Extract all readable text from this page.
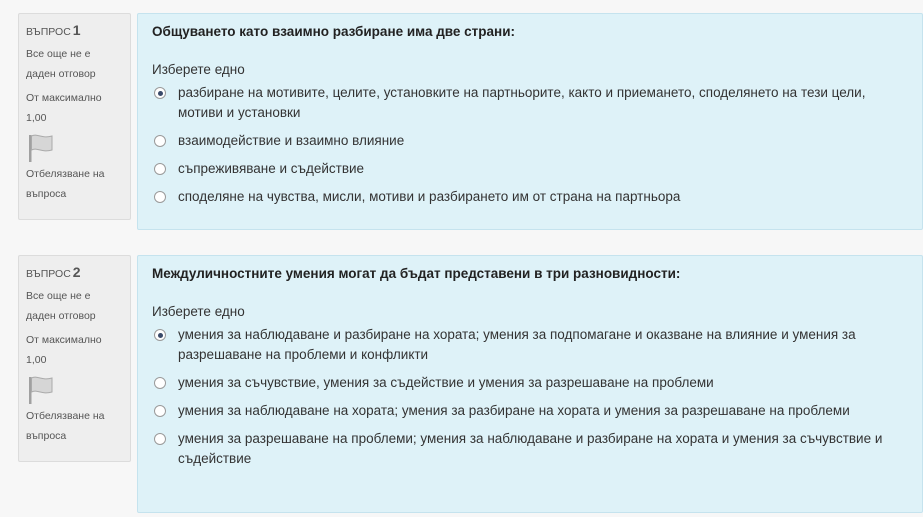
ВЪПРОС 1
Все още не е даден отговор
От максимално 1,00
Отбелязване на въпроса

Общуването като взаимно разбиране има две страни:

Изберете едно
разбиране на мотивите, целите, установките на партньорите, както и приемането, споделянето на тези цели, мотиви и установки
взаимодействие и взаимно влияние
съпреживяване и съдействие
споделяне на чувства, мисли, мотиви и разбирането им от страна на партньора
ВЪПРОС 2
Все още не е даден отговор
От максимално 1,00
Отбелязване на въпроса

Междуличностните умения могат да бъдат представени в три разновидности:

Изберете едно
умения за наблюдаване и разбиране на хората; умения за подпомагане и оказване на влияние и умения за разрешаване на проблеми и конфликти
умения за съчувствие, умения за съдействие и умения за разрешаване на проблеми
умения за наблюдаване на хората; умения за разбиране на хората и умения за разрешаване на проблеми
умения за разрешаване на проблеми; умения за наблюдаване и разбиране на хората и умения за съчувствие и съдействие
